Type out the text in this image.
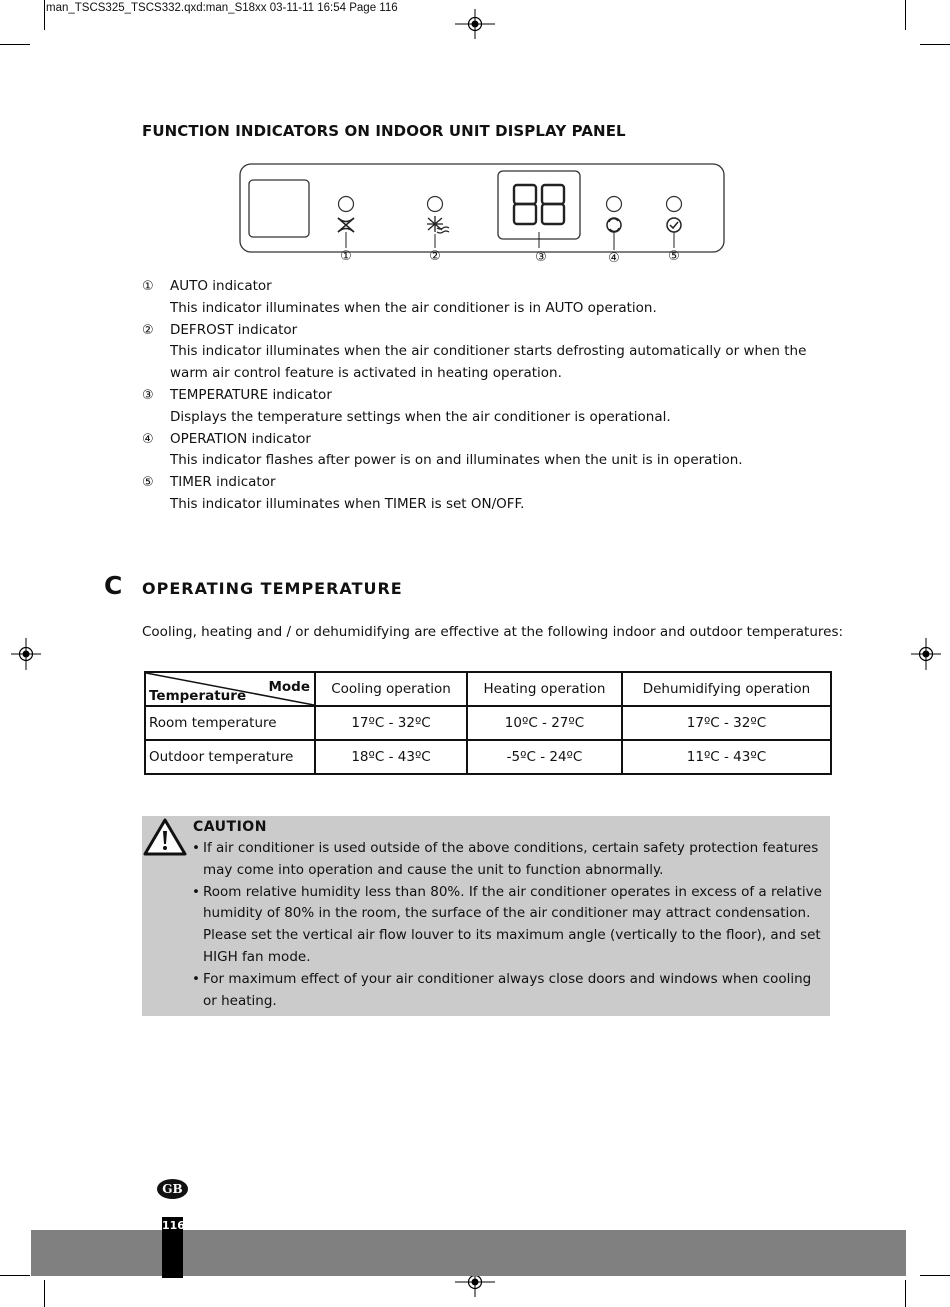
man_TSCS325_TSCS332.qxd:man_S18xx 03-11-11 16:54 Page 116
FUNCTION INDICATORS ON INDOOR UNIT DISPLAY PANEL
①	②	③	④	⑤
① AUTO indicator
This indicator illuminates when the air conditioner is in AUTO operation.
② DEFROST indicator
This indicator illuminates when the air conditioner starts defrosting automatically or when the warm air control feature is activated in heating operation.
③ TEMPERATURE indicator
Displays the temperature settings when the air conditioner is operational.
④ OPERATION indicator
This indicator flashes after power is on and illuminates when the unit is in operation.
⑤ TIMER indicator
This indicator illuminates when TIMER is set ON/OFF.
C OPERATING TEMPERATURE
Cooling, heating and / or dehumidifying are effective at the following indoor and outdoor temperatures:
Mode
Temperature	Cooling operation	Heating operation	Dehumidifying operation
Room temperature	17ºC - 32ºC	10ºC - 27ºC	17ºC - 32ºC
Outdoor temperature	18ºC - 43ºC	-5ºC - 24ºC	11ºC - 43ºC
CAUTION
• If air conditioner is used outside of the above conditions, certain safety protection features may come into operation and cause the unit to function abnormally.
• Room relative humidity less than 80%. If the air conditioner operates in excess of a relative humidity of 80% in the room, the surface of the air conditioner may attract condensation. Please set the vertical air flow louver to its maximum angle (vertically to the floor), and set HIGH fan mode.
• For maximum effect of your air conditioner always close doors and windows when cooling or heating.
GB
116
